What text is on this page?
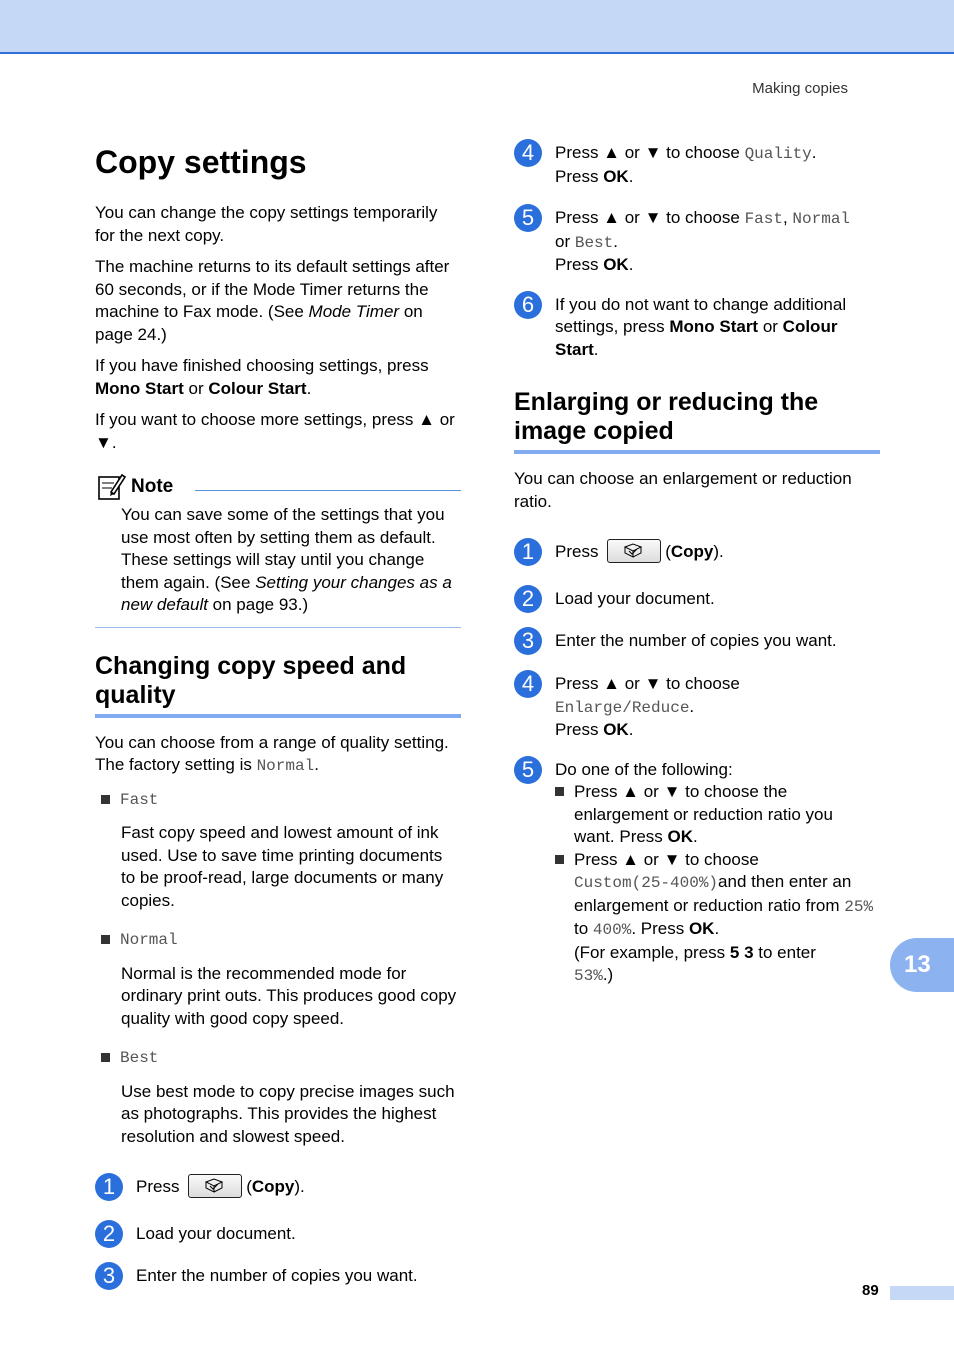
Making copies
Copy settings

You can change the copy settings temporarily for the next copy.

The machine returns to its default settings after 60 seconds, or if the Mode Timer returns the machine to Fax mode. (See Mode Timer on page 24.)

If you have finished choosing settings, press Mono Start or Colour Start.

If you want to choose more settings, press ▲ or ▼.

Note

You can save some of the settings that you use most often by setting them as default. These settings will stay until you change them again. (See Setting your changes as a new default on page 93.)

Changing copy speed and quality

You can choose from a range of quality setting. The factory setting is Normal.

Fast

Fast copy speed and lowest amount of ink used. Use to save time printing documents to be proof-read, large documents or many copies.

Normal

Normal is the recommended mode for ordinary print outs. This produces good copy quality with good copy speed.

Best

Use best mode to copy precise images such as photographs. This provides the highest resolution and slowest speed.

1	Press	(Copy).

2	Load your document.

3	Enter the number of copies you want.

4	Press ▲ or ▼ to choose Quality.

Press OK.

5	Press ▲ or ▼ to choose Fast, Normal

or Best.

Press OK.

6	If you do not want to change additional settings, press Mono Start or Colour Start.

Enlarging or reducing the image copied

You can choose an enlargement or reduction ratio.

1	Press	(Copy).

2	Load your document.

3	Enter the number of copies you want.

4	Press ▲ or ▼ to choose

Enlarge/Reduce.

Press OK.

5	Do one of the following:

Press ▲ or ▼ to choose the enlargement or reduction ratio you want. Press OK.

Press ▲ or ▼ to choose

Custom(25-400%)and then enter an enlargement or reduction ratio from 25% to 400%. Press OK.

(For example, press 5 3 to enter

53%.)	13
89
